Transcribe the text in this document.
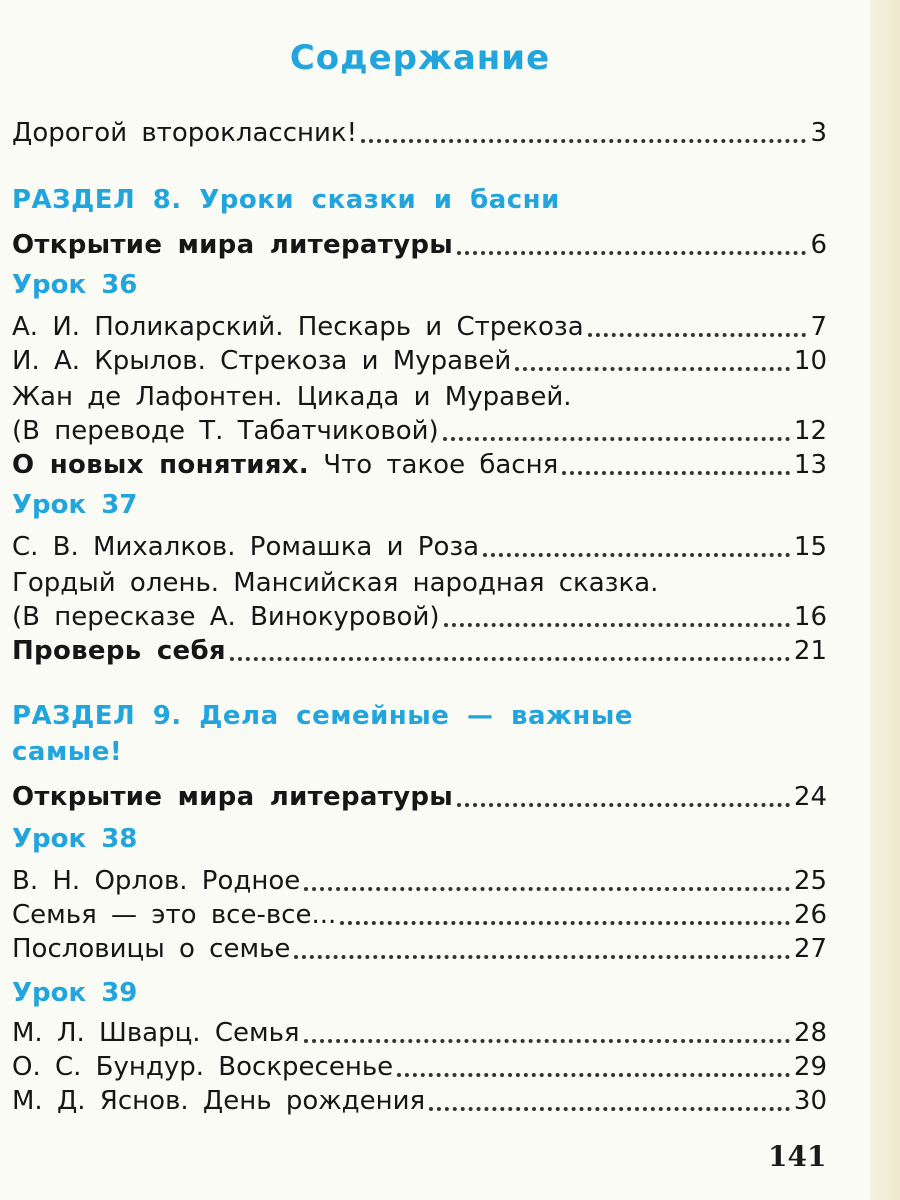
Содержание
Дорогой второклассник!	3
РАЗДЕЛ 8. Уроки сказки и басни
Открытие мира литературы	6
Урок 36
А. И. Поликарский. Пескарь и Стрекоза	7
И. А. Крылов. Стрекоза и Муравей	10
Жан де Лафонтен. Цикада и Муравей.
(В переводе Т. Табатчиковой)	12
О новых понятиях. Что такое басня	13
Урок 37
С. В. Михалков. Ромашка и Роза	15
Гордый олень. Мансийская народная сказка.
(В пересказе А. Винокуровой)	16
Проверь себя	21
РАЗДЕЛ 9. Дела семейные — важные
самые!
Открытие мира литературы	24
Урок 38
В. Н. Орлов. Родное	25
Семья — это все-все...	26
Пословицы о семье	27
Урок 39
М. Л. Шварц. Семья	28
О. С. Бундур. Воскресенье	29
М. Д. Яснов. День рождения	30
141
